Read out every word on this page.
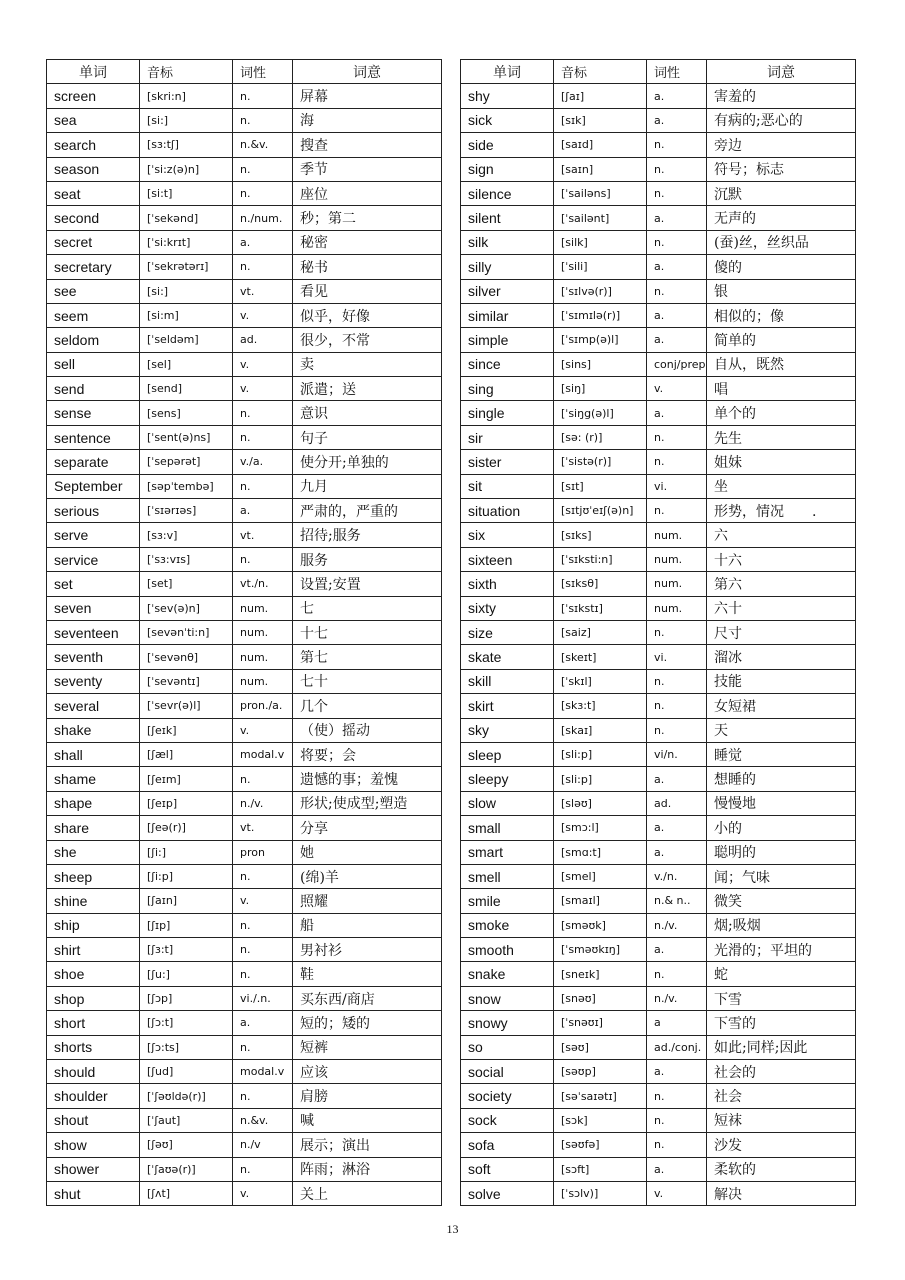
单词	音标	词性	词意
screen	[skri:n]	n.	屏幕
sea	[si:]	n.	海
search	[sɜ:tʃ]	n.&v.	搜查
season	[ˈsi:z(ə)n]	n.	季节
seat	[si:t]	n.	座位
second	[ˈsekənd]	n./num.	秒；第二
secret	[ˈsi:krɪt]	a.	秘密
secretary	[ˈsekrətərɪ]	n.	秘书
see	[si:]	vt.	看见
seem	[si:m]	v.	似乎，好像
seldom	[ˈseldəm]	ad.	很少，不常
sell	[sel]	v.	卖
send	[send]	v.	派遣；送
sense	[sens]	n.	意识
sentence	[ˈsent(ə)ns]	n.	句子
separate	[ˈsepərət]	v./a.	使分开;单独的
September	[səpˈtembə]	n.	九月
serious	[ˈsɪərɪəs]	a.	严肃的，严重的
serve	[sɜ:v]	vt.	招待;服务
service	[ˈsɜ:vɪs]	n.	服务
set	[set]	vt./n.	设置;安置
seven	[ˈsev(ə)n]	num.	七
seventeen	[sevənˈti:n]	num.	十七
seventh	[ˈsevənθ]	num.	第七
seventy	[ˈsevəntɪ]	num.	七十
several	[ˈsevr(ə)l]	pron./a.	几个
shake	[ʃeɪk]	v.	（使）摇动
shall	[ʃæl]	modal.v	将要；会
shame	[ʃeɪm]	n.	遗憾的事；羞愧
shape	[ʃeɪp]	n./v.	形状;使成型;塑造
share	[ʃeə(r)]	vt.	分享
she	[ʃi:]	pron	她
sheep	[ʃi:p]	n.	(绵)羊
shine	[ʃaɪn]	v.	照耀
ship	[ʃɪp]	n.	船
shirt	[ʃɜ:t]	n.	男衬衫
shoe	[ʃu:]	n.	鞋
shop	[ʃɔp]	vi./.n.	买东西/商店
short	[ʃɔ:t]	a.	短的；矮的
shorts	[ʃɔ:ts]	n.	短裤
should	[ʃud]	modal.v	应该
shoulder	[ˈʃəʊldə(r)]	n.	肩膀
shout	[ˈʃaut]	n.&v.	喊
show	[ʃəʊ]	n./v	展示；演出
shower	[ˈʃaʊə(r)]	n.	阵雨；淋浴
shut	[ʃʌt]	v.	关上
单词	音标	词性	词意
shy	[ʃaɪ]	a.	害羞的
sick	[sɪk]	a.	有病的;恶心的
side	[saɪd]	n.	旁边
sign	[saɪn]	n.	符号；标志
silence	[ˈsailəns]	n.	沉默
silent	[ˈsailənt]	a.	无声的
silk	[silk]	n.	(蚕)丝，丝织品
silly	[ˈsili]	a.	傻的
silver	[ˈsɪlvə(r)]	n.	银
similar	[ˈsɪmɪlə(r)]	a.	相似的；像
simple	[ˈsɪmp(ə)l]	a.	简单的
since	[sins]	conj/prep	自从，既然
sing	[siŋ]	v.	唱
single	[ˈsiŋg(ə)l]	a.	单个的
sir	[sə: (r)]	n.	先生
sister	[ˈsistə(r)]	n.	姐妹
sit	[sɪt]	vi.	坐
situation	[sɪtjʊˈeɪʃ(ə)n]	n.	形势，情况　　.
six	[sɪks]	num.	六
sixteen	[ˈsɪksti:n]	num.	十六
sixth	[sɪksθ]	num.	第六
sixty	[ˈsɪkstɪ]	num.	六十
size	[saiz]	n.	尺寸
skate	[skeɪt]	vi.	溜冰
skill	[ˈskɪl]	n.	技能
skirt	[skɜ:t]	n.	女短裙
sky	[skaɪ]	n.	天
sleep	[sli:p]	vi/n.	睡觉
sleepy	[sli:p]	a.	想睡的
slow	[sləʊ]	ad.	慢慢地
small	[smɔ:l]	a.	小的
smart	[smɑ:t]	a.	聪明的
smell	[smel]	v./n.	闻；气味
smile	[smaɪl]	n.& n..	微笑
smoke	[sməʊk]	n./v.	烟;吸烟
smooth	[ˈsməʊkɪŋ]	a.	光滑的；平坦的
snake	[sneɪk]	n.	蛇
snow	[snəʊ]	n./v.	下雪
snowy	[ˈsnəʊɪ]	a	下雪的
so	[səʊ]	ad./conj.	如此;同样;因此
social	[səʊp]	a.	社会的
society	[səˈsaɪətɪ]	n.	社会
sock	[sɔk]	n.	短袜
sofa	[səʊfə]	n.	沙发
soft	[sɔft]	a.	柔软的
solve	[ˈsɔlv)]	v.	解决
13
